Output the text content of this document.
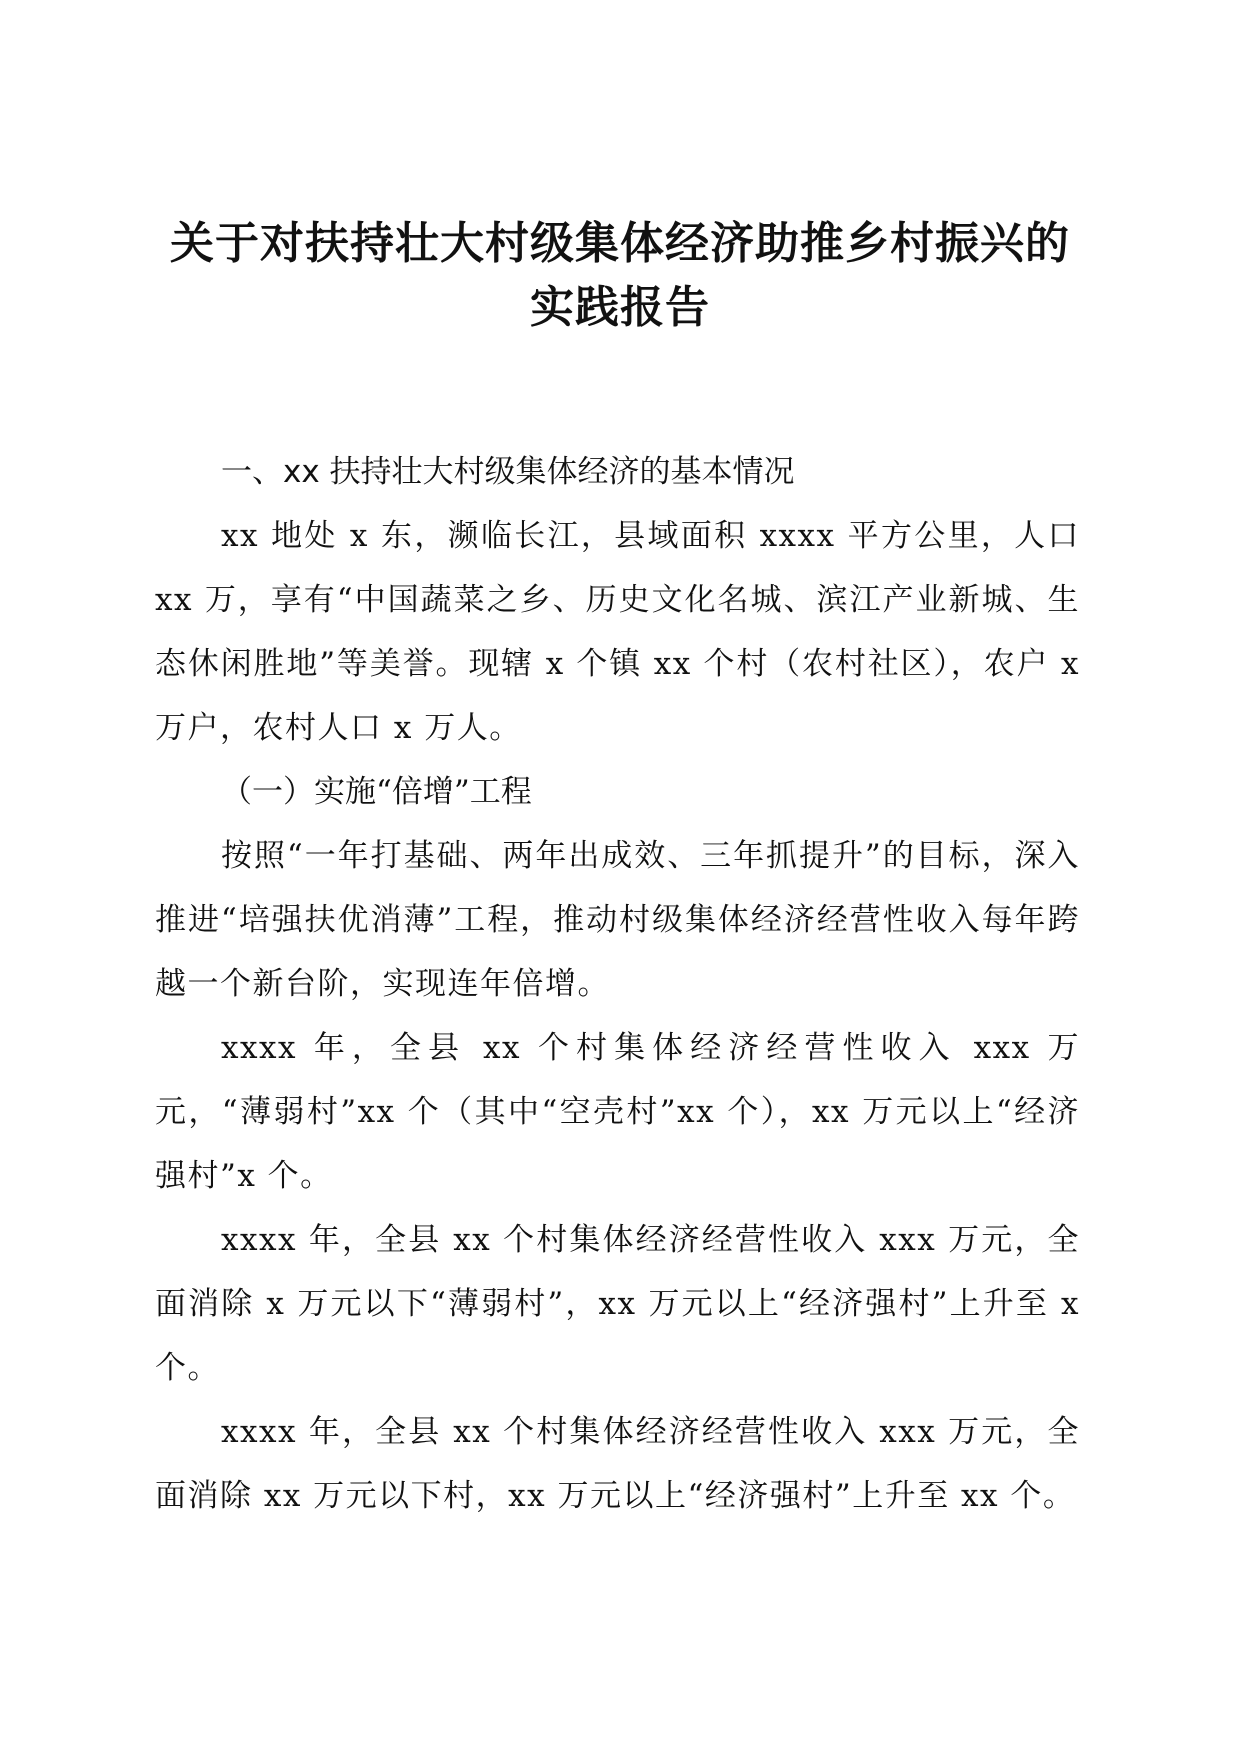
关于对扶持壮大村级集体经济助推乡村振兴的
实践报告

一、xx 扶持壮大村级集体经济的基本情况

xx 地处 x 东，濒临长江，县域面积 xxxx 平方公里，人口 xx 万，享有“中国蔬菜之乡、历史文化名城、滨江产业新城、生态休闲胜地”等美誉。现辖 x 个镇 xx 个村（农村社区），农户 x 万户，农村人口 x 万人。

（一）实施“倍增”工程

按照“一年打基础、两年出成效、三年抓提升”的目标，深入推进“培强扶优消薄”工程，推动村级集体经济经营性收入每年跨越一个新台阶，实现连年倍增。

xxxx 年，全县 xx 个村集体经济经营性收入 xxx 万元，“薄弱村”xx 个（其中“空壳村”xx 个），xx 万元以上“经济强村”x 个。

xxxx 年，全县 xx 个村集体经济经营性收入 xxx 万元，全面消除 x 万元以下“薄弱村”，xx 万元以上“经济强村”上升至 x 个。

xxxx 年，全县 xx 个村集体经济经营性收入 xxx 万元，全面消除 xx 万元以下村，xx 万元以上“经济强村”上升至 xx 个。
